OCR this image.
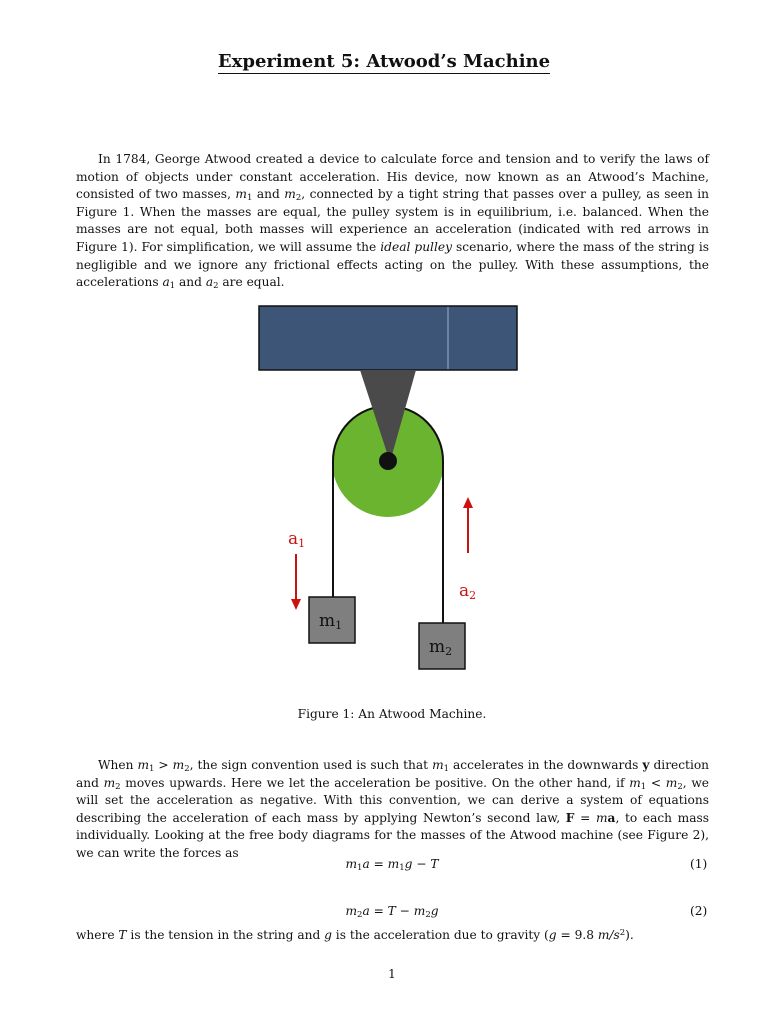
Experiment 5: Atwood’s Machine
In 1784, George Atwood created a device to calculate force and tension and to verify the laws of motion of objects under constant acceleration. His device, now known as an Atwood’s Machine, consisted of two masses, $m_1$ and $m_2$, connected by a tight string that passes over a pulley, as seen in Figure 1. When the masses are equal, the pulley system is in equilibrium, i.e. balanced. When the masses are not equal, both masses will experience an acceleration (indicated with red arrows in Figure 1). For simplification, we will assume the ideal pulley scenario, where the mass of the string is negligible and we ignore any frictional effects acting on the pulley. With these assumptions, the accelerations $a_1$ and $a_2$ are equal.
m1
m2
a1
a2
Figure 1: An Atwood Machine.
When $m_1 > m_2$, the sign convention used is such that $m_1$ accelerates in the downwards y direction and $m_2$ moves upwards. Here we let the acceleration be positive. On the other hand, if $m_1 < m_2$, we will set the acceleration as negative. With this convention, we can derive a system of equations describing the acceleration of each mass by applying Newton’s second law, F = ma, to each mass individually. Looking at the free body diagrams for the masses of the Atwood machine (see Figure 2), we can write the forces as
$m_1a = m_1g - T$	(1)
$m_2a = T - m_2g$	(2)
where T is the tension in the string and g is the acceleration due to gravity (g = 9.8 $m/s^2$).
1
